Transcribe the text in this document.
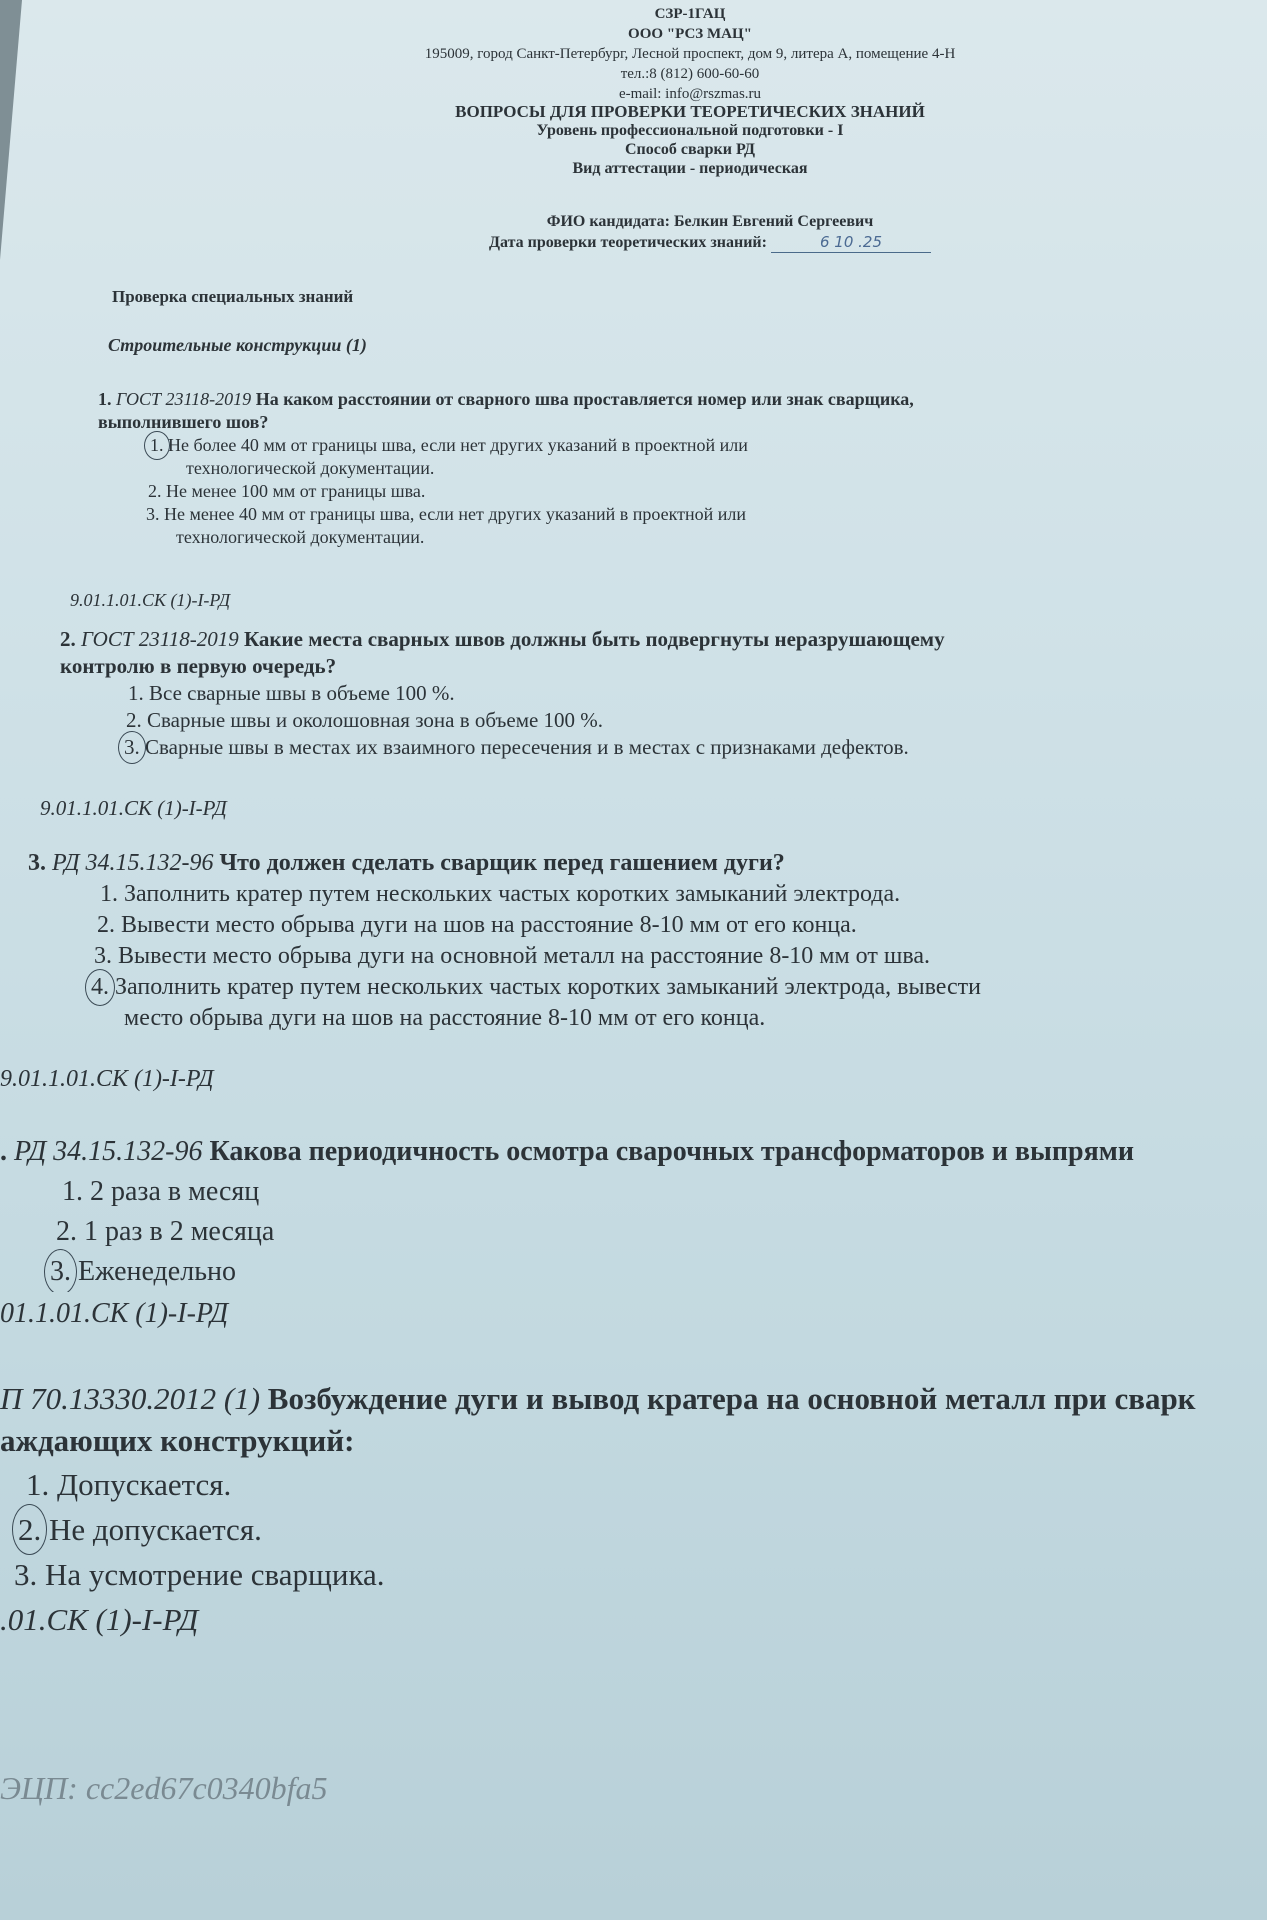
СЗР-1ГАЦ
ООО "РСЗ МАЦ"
195009, город Санкт-Петербург, Лесной проспект, дом 9, литера А, помещение 4-Н
тел.:8 (812) 600-60-60
e-mail: info@rszmas.ru
ВОПРОСЫ ДЛЯ ПРОВЕРКИ ТЕОРЕТИЧЕСКИХ ЗНАНИЙ
Уровень профессиональной подготовки - I
Способ сварки РД
Вид аттестации - периодическая
ФИО кандидата: Белкин Евгений Сергеевич
Дата проверки теоретических знаний:	6 10 .25
Проверка специальных знаний
Строительные конструкции (1)
1. ГОСТ 23118-2019 На каком расстоянии от сварного шва проставляется номер или знак сварщика,
выполнившего шов?
1. Не более 40 мм от границы шва, если нет других указаний в проектной или
технологической документации.
2. Не менее 100 мм от границы шва.
3. Не менее 40 мм от границы шва, если нет других указаний в проектной или
технологической документации.
9.01.1.01.СК (1)-I-РД
2. ГОСТ 23118-2019 Какие места сварных швов должны быть подвергнуты неразрушающему
контролю в первую очередь?
1. Все сварные швы в объеме 100 %.
2. Сварные швы и околошовная зона в объеме 100 %.
3. Сварные швы в местах их взаимного пересечения и в местах с признаками дефектов.
9.01.1.01.СК (1)-I-РД
3. РД 34.15.132-96 Что должен сделать сварщик перед гашением дуги?
1. Заполнить кратер путем нескольких частых коротких замыканий электрода.
2. Вывести место обрыва дуги на шов на расстояние 8-10 мм от его конца.
3. Вывести место обрыва дуги на основной металл на расстояние 8-10 мм от шва.
4. Заполнить кратер путем нескольких частых коротких замыканий электрода, вывести
место обрыва дуги на шов на расстояние 8-10 мм от его конца.
9.01.1.01.СК (1)-I-РД
. РД 34.15.132-96 Какова периодичность осмотра сварочных трансформаторов и выпрями
1. 2 раза в месяц
2. 1 раз в 2 месяца
3. Еженедельно
01.1.01.СК (1)-I-РД
П 70.13330.2012 (1) Возбуждение дуги и вывод кратера на основной металл при сварк
аждающих конструкций:
1. Допускается.
2. Не допускается.
3. На усмотрение сварщика.
.01.СК (1)-I-РД
ЭЦП: cc2ed67c0340bfa5
